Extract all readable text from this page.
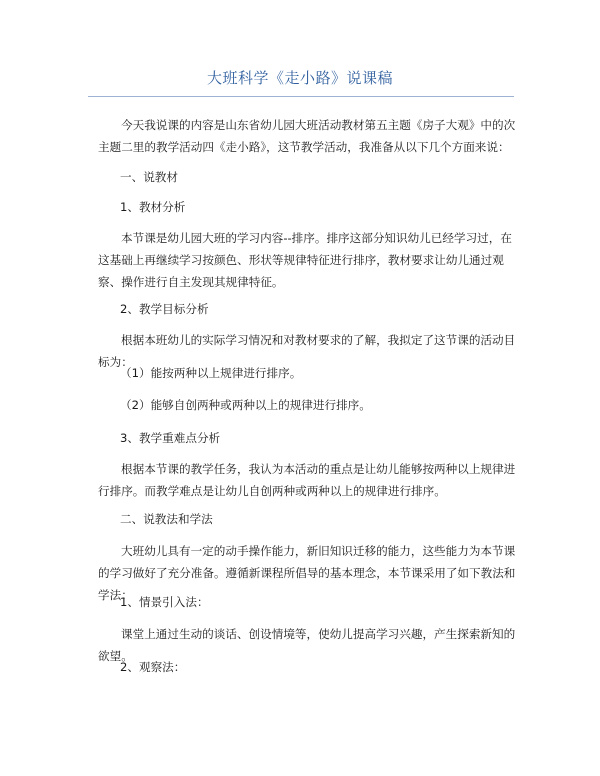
大班科学《走小路》说课稿

今天我说课的内容是山东省幼儿园大班活动教材第五主题《房子大观》中的次主题二里的教学活动四《走小路》，这节教学活动，我准备从以下几个方面来说：

一、说教材

1、教材分析

本节课是幼儿园大班的学习内容--排序。排序这部分知识幼儿已经学习过，在这基础上再继续学习按颜色、形状等规律特征进行排序，教材要求让幼儿通过观察、操作进行自主发现其规律特征。

2、教学目标分析

根据本班幼儿的实际学习情况和对教材要求的了解，我拟定了这节课的活动目标为：

（1）能按两种以上规律进行排序。

（2）能够自创两种或两种以上的规律进行排序。

3、教学重难点分析

根据本节课的教学任务，我认为本活动的重点是让幼儿能够按两种以上规律进行排序。而教学难点是让幼儿自创两种或两种以上的规律进行排序。

二、说教法和学法

大班幼儿具有一定的动手操作能力，新旧知识迁移的能力，这些能力为本节课的学习做好了充分准备。遵循新课程所倡导的基本理念，本节课采用了如下教法和学法：

1、情景引入法：

课堂上通过生动的谈话、创设情境等，使幼儿提高学习兴趣，产生探索新知的欲望。

2、观察法：
